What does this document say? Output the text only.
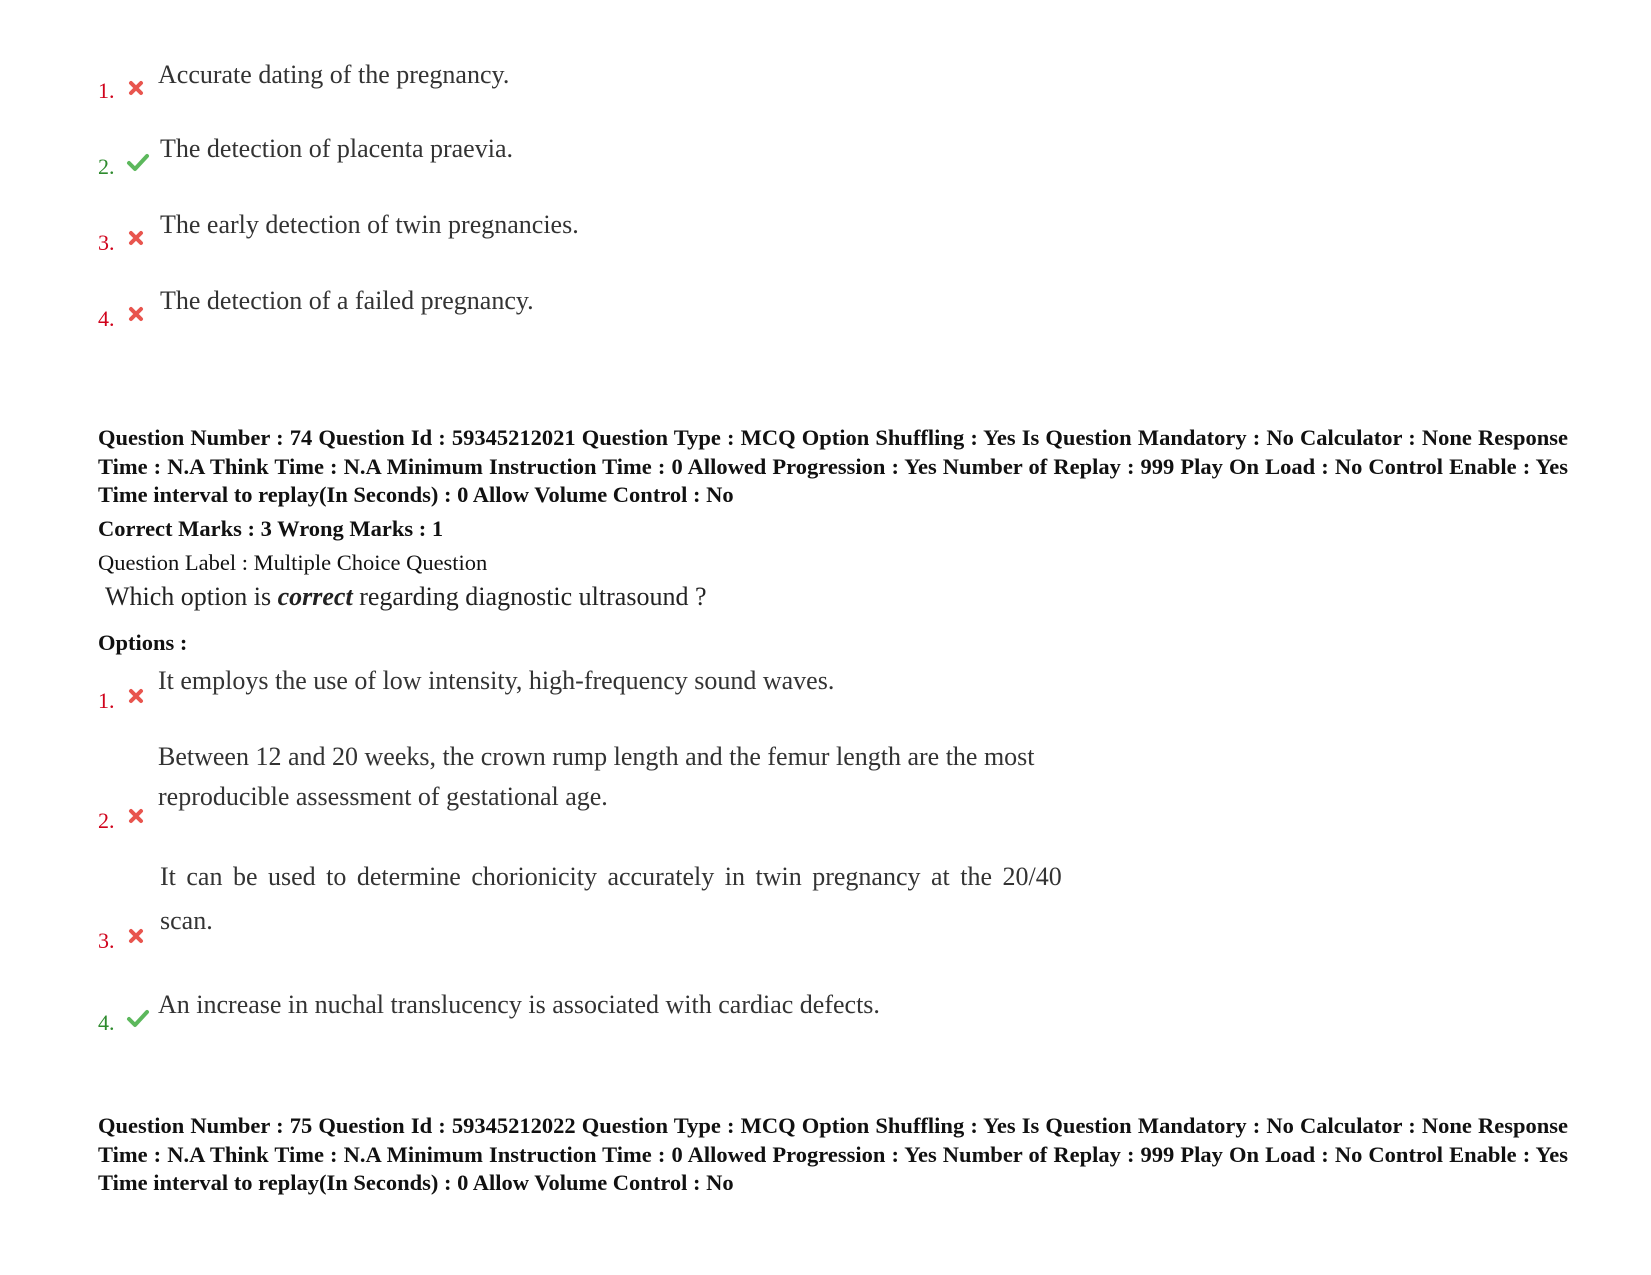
1.
Accurate dating of the pregnancy.
2.
The detection of placenta praevia.
3.
The early detection of twin pregnancies.
4.
The detection of a failed pregnancy.
Question Number : 74 Question Id : 59345212021 Question Type : MCQ Option Shuffling : Yes Is Question Mandatory : No Calculator : None Response Time : N.A Think Time : N.A Minimum Instruction Time : 0 Allowed Progression : Yes Number of Replay : 999 Play On Load : No Control Enable : Yes Time interval to replay(In Seconds) : 0 Allow Volume Control : No
Correct Marks : 3 Wrong Marks : 1
Question Label : Multiple Choice Question
Which option is correct regarding diagnostic ultrasound ?
Options :
1.
It employs the use of low intensity, high-frequency sound waves.
2.
Between 12 and 20 weeks, the crown rump length and the femur length are the most
reproducible assessment of gestational age.
3.
It can be used to determine chorionicity accurately in twin pregnancy at the 20/40
scan.
4.
An increase in nuchal translucency is associated with cardiac defects.
Question Number : 75 Question Id : 59345212022 Question Type : MCQ Option Shuffling : Yes Is Question Mandatory : No Calculator : None Response Time : N.A Think Time : N.A Minimum Instruction Time : 0 Allowed Progression : Yes Number of Replay : 999 Play On Load : No Control Enable : Yes Time interval to replay(In Seconds) : 0 Allow Volume Control : No
